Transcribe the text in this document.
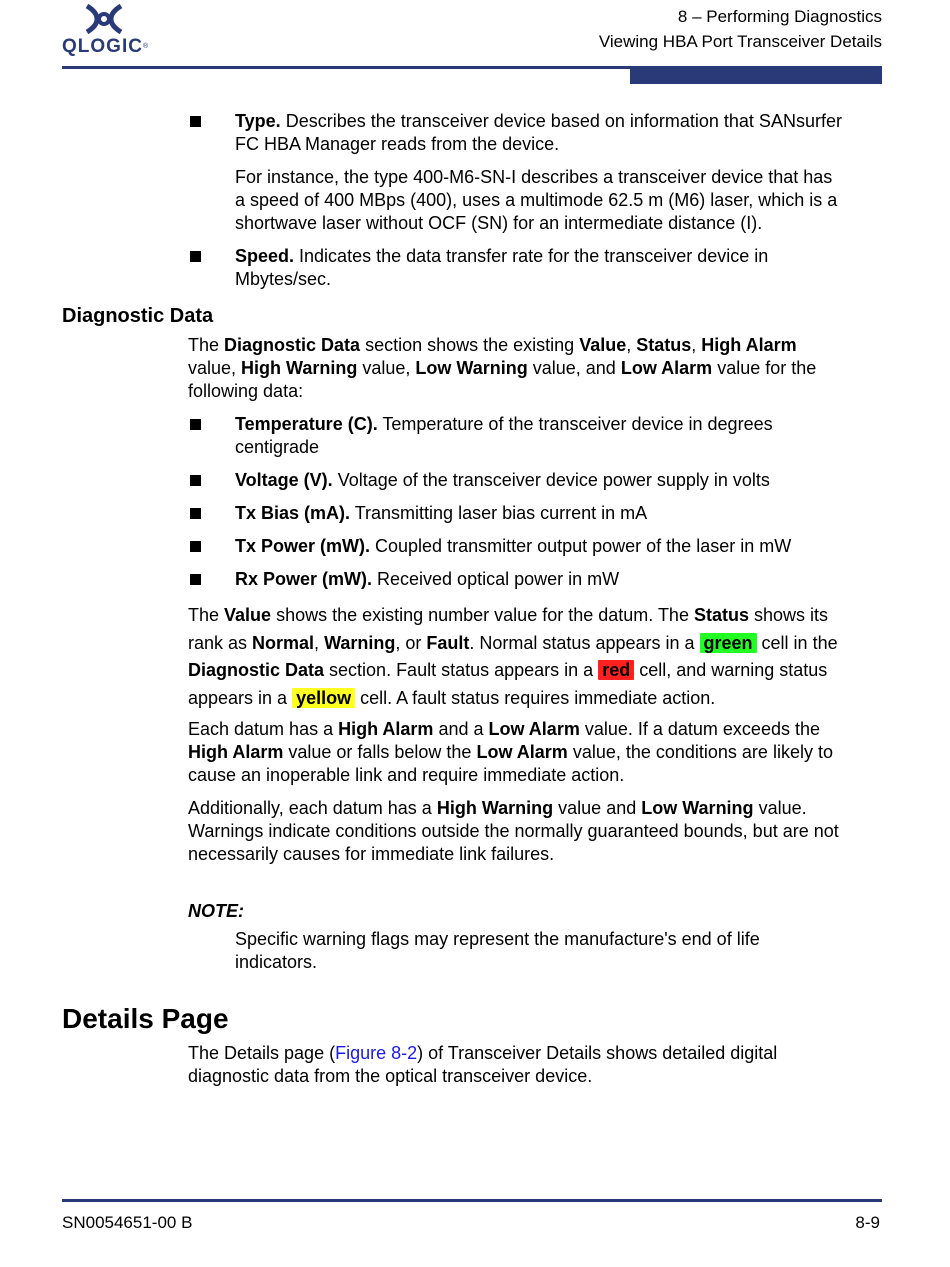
QLOGIC®
8 – Performing Diagnostics
Viewing HBA Port Transceiver Details
Type. Describes the transceiver device based on information that SANsurfer
FC HBA Manager reads from the device.
For instance, the type 400-M6-SN-I describes a transceiver device that has
a speed of 400 MBps (400), uses a multimode 62.5 m (M6) laser, which is a
shortwave laser without OCF (SN) for an intermediate distance (I).
Speed. Indicates the data transfer rate for the transceiver device in
Mbytes/sec.
Diagnostic Data
The Diagnostic Data section shows the existing Value, Status, High Alarm
value, High Warning value, Low Warning value, and Low Alarm value for the
following data:
Temperature (C). Temperature of the transceiver device in degrees
centigrade
Voltage (V). Voltage of the transceiver device power supply in volts
Tx Bias (mA). Transmitting laser bias current in mA
Tx Power (mW). Coupled transmitter output power of the laser in mW
Rx Power (mW). Received optical power in mW
The Value shows the existing number value for the datum. The Status shows its
rank as Normal, Warning, or Fault. Normal status appears in a green cell in the
Diagnostic Data section. Fault status appears in a red cell, and warning status
appears in a yellow cell. A fault status requires immediate action.
Each datum has a High Alarm and a Low Alarm value. If a datum exceeds the
High Alarm value or falls below the Low Alarm value, the conditions are likely to
cause an inoperable link and require immediate action.
Additionally, each datum has a High Warning value and Low Warning value.
Warnings indicate conditions outside the normally guaranteed bounds, but are not
necessarily causes for immediate link failures.
NOTE:
Specific warning flags may represent the manufacture's end of life
indicators.
Details Page
The Details page (Figure 8-2) of Transceiver Details shows detailed digital
diagnostic data from the optical transceiver device.
SN0054651-00 B	8-9
